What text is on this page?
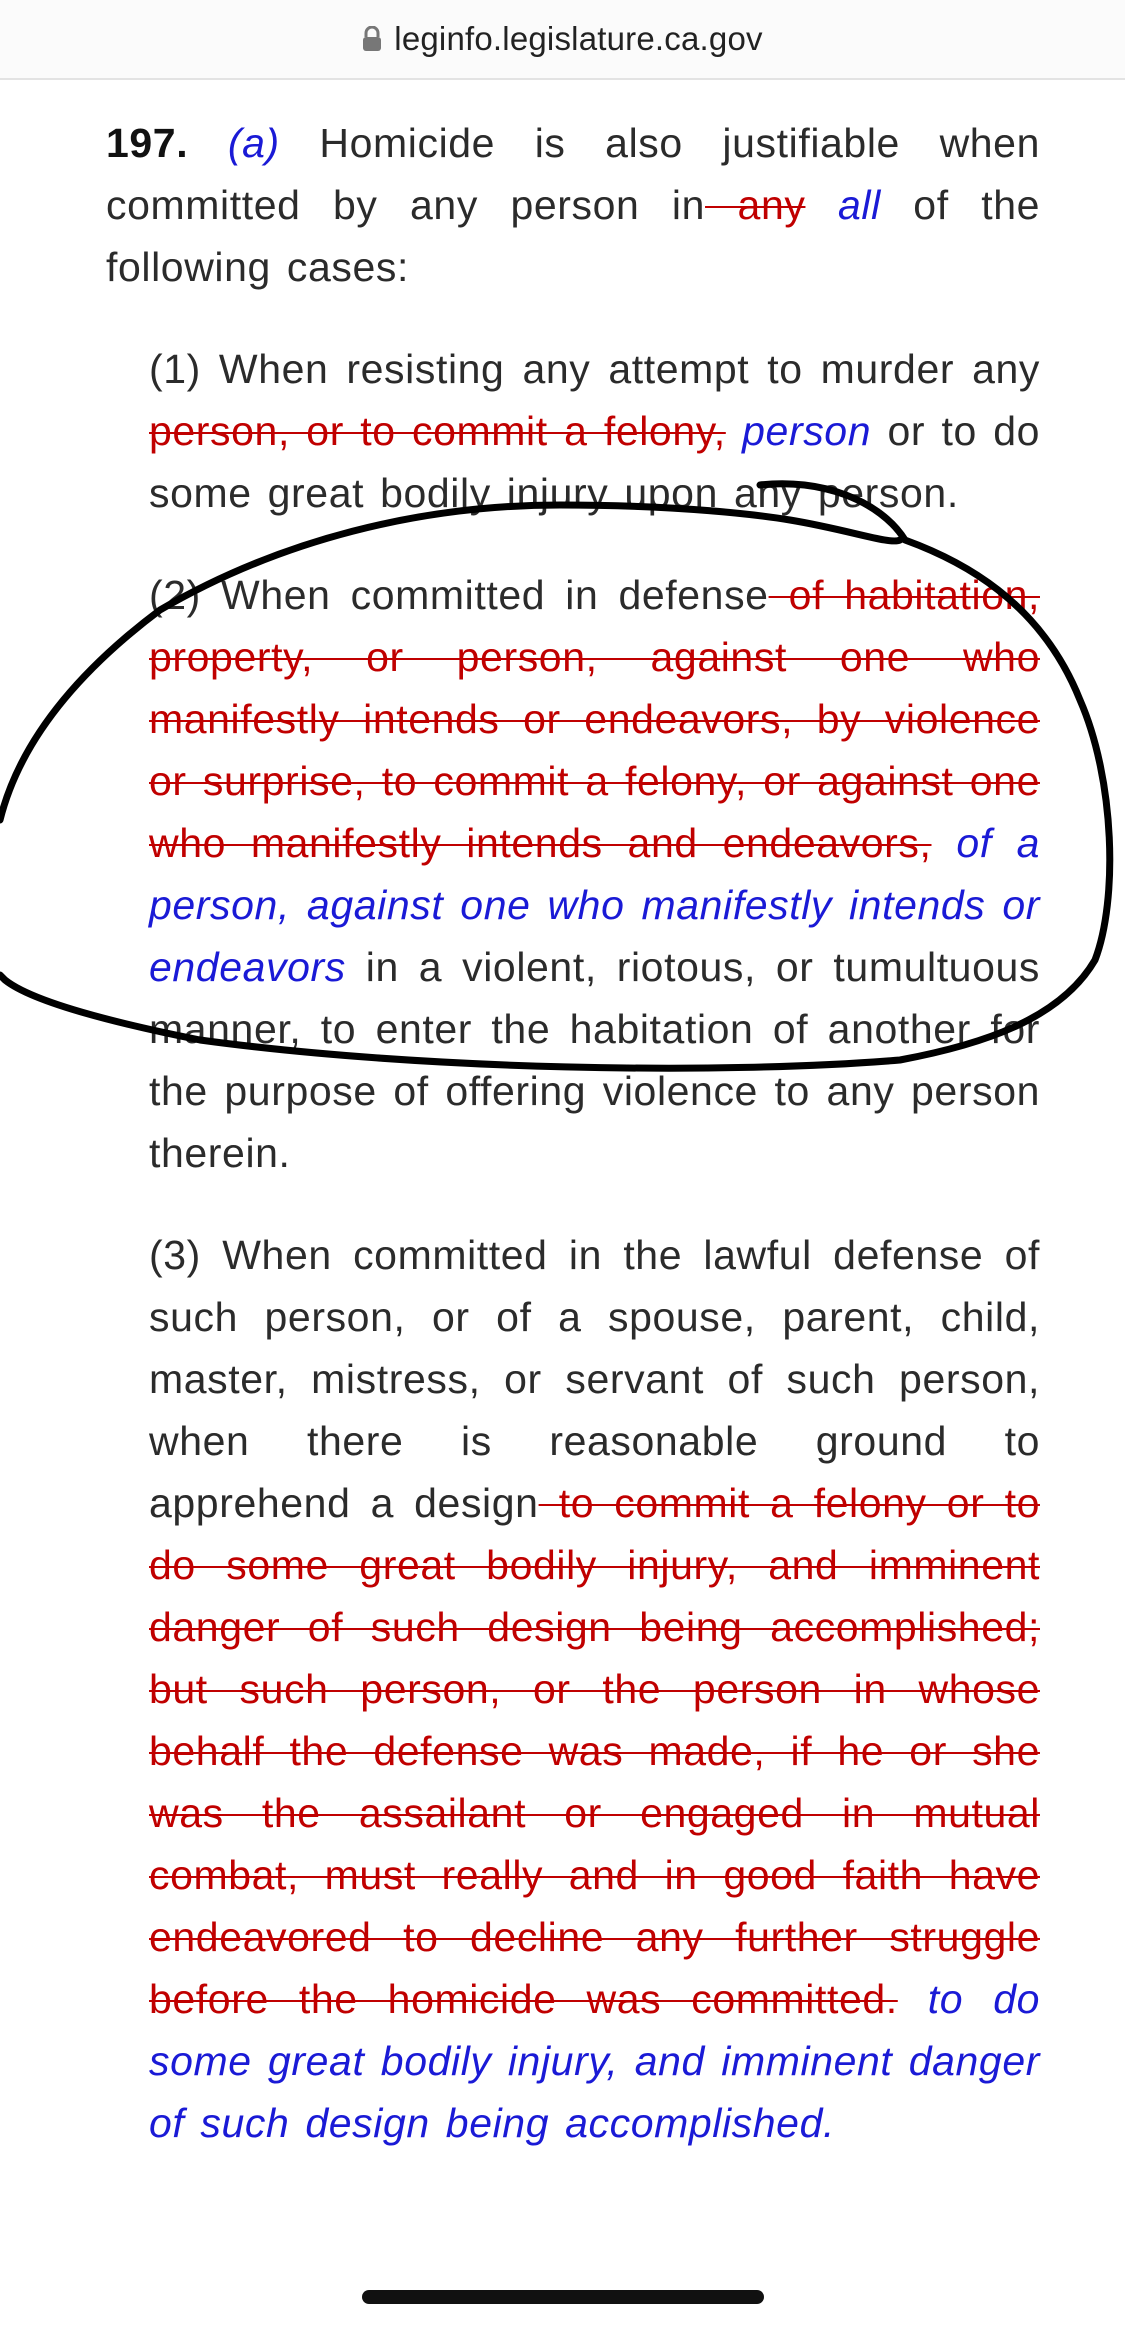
leginfo.legislature.ca.gov

197. (a) Homicide is also justifiable when committed by any person in any all of the following cases:

(1) When resisting any attempt to murder any person, or to commit a felony, person or to do some great bodily injury upon any person.

(2) When committed in defense of habitation, property, or person, against one who manifestly intends or endeavors, by violence or surprise, to commit a felony, or against one who manifestly intends and endeavors, of a person, against one who manifestly intends or endeavors in a violent, riotous, or tumultuous manner, to enter the habitation of another for the purpose of offering violence to any person therein.

(3) When committed in the lawful defense of such person, or of a spouse, parent, child, master, mistress, or servant of such person, when there is reasonable ground to apprehend a design to commit a felony or to do some great bodily injury, and imminent danger of such design being accomplished; but such person, or the person in whose behalf the defense was made, if he or she was the assailant or engaged in mutual combat, must really and in good faith have endeavored to decline any further struggle before the homicide was committed. to do some great bodily injury, and imminent danger of such design being accomplished.
